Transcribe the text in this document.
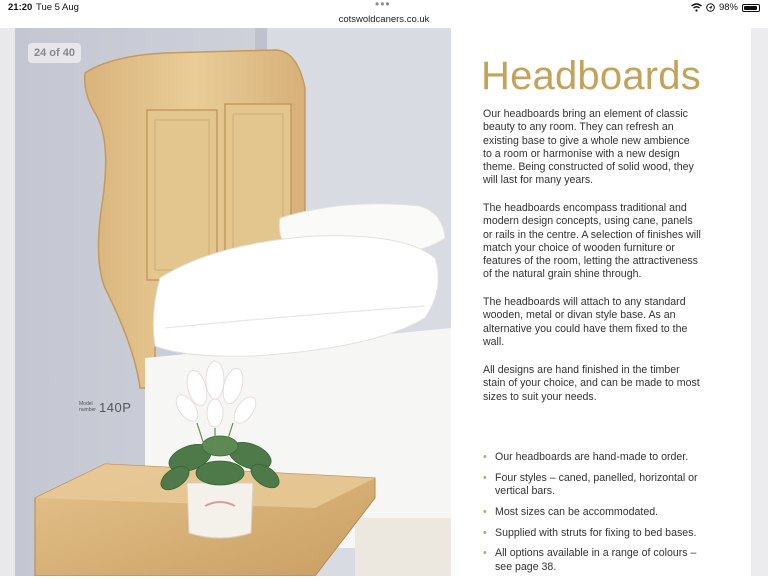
21:20 Tue 5 Aug	•••	98%
cotswoldcaners.co.uk
24 of 40
Model
number 140P
Headboards
Our headboards bring an element of classic beauty to any room. They can refresh an existing base to give a whole new ambience to a room or harmonise with a new design theme. Being constructed of solid wood, they will last for many years.
The headboards encompass traditional and modern design concepts, using cane, panels or rails in the centre. A selection of finishes will match your choice of wooden furniture or features of the room, letting the attractiveness of the natural grain shine through.
The headboards will attach to any standard wooden, metal or divan style base. As an alternative you could have them fixed to the wall.
All designs are hand finished in the timber stain of your choice, and can be made to most sizes to suit your needs.
• Our headboards are hand-made to order.
• Four styles – caned, panelled, horizontal or vertical bars.
• Most sizes can be accommodated.
• Supplied with struts for fixing to bed bases.
• All options available in a range of colours – see page 38.
